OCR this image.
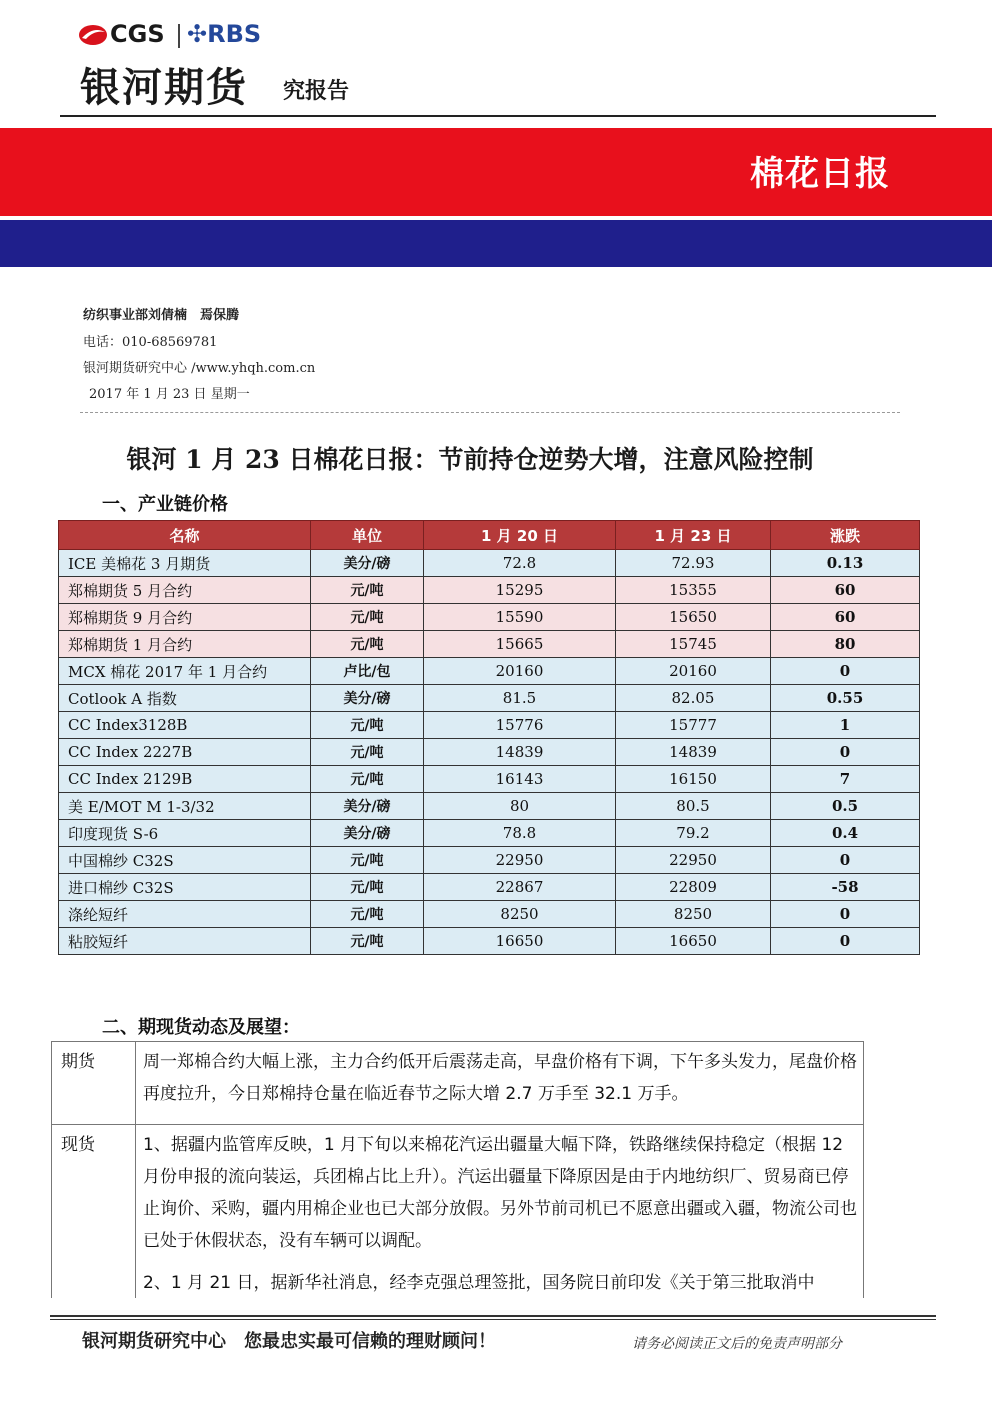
CGS ✣RBS
银河期货 究报告
棉花日报
纺织事业部刘倩楠　焉保腾
电话：010-68569781
银河期货研究中心 /www.yhqh.com.cn
2017 年 1 月 23 日 星期一
银河 1 月 23 日棉花日报：节前持仓逆势大增，注意风险控制
一、产业链价格
名称	单位	1 月 20 日	1 月 23 日	涨跌
ICE 美棉花 3 月期货	美分/磅	72.8	72.93	0.13
郑棉期货 5 月合约	元/吨	15295	15355	60
郑棉期货 9 月合约	元/吨	15590	15650	60
郑棉期货 1 月合约	元/吨	15665	15745	80
MCX 棉花 2017 年 1 月合约	卢比/包	20160	20160	0
Cotlook A 指数	美分/磅	81.5	82.05	0.55
CC Index3128B	元/吨	15776	15777	1
CC Index 2227B	元/吨	14839	14839	0
CC Index 2129B	元/吨	16143	16150	7
美 E/MOT M 1-3/32	美分/磅	80	80.5	0.5
印度现货 S-6	美分/磅	78.8	79.2	0.4
中国棉纱 C32S	元/吨	22950	22950	0
进口棉纱 C32S	元/吨	22867	22809	-58
涤纶短纤	元/吨	8250	8250	0
粘胶短纤	元/吨	16650	16650	0
二、期现货动态及展望：
期货	周一郑棉合约大幅上涨，主力合约低开后震荡走高，早盘价格有下调，下午多头发力，尾盘价格再度拉升，今日郑棉持仓量在临近春节之际大增 2.7 万手至 32.1 万手。

现货	1、据疆内监管库反映，1 月下旬以来棉花汽运出疆量大幅下降，铁路继续保持稳定（根据 12 月份申报的流向装运，兵团棉占比上升）。汽运出疆量下降原因是由于内地纺织厂、贸易商已停止询价、采购，疆内用棉企业也已大部分放假。另外节前司机已不愿意出疆或入疆，物流公司也已处于休假状态，没有车辆可以调配。

2、1 月 21 日，据新华社消息，经李克强总理签批，国务院日前印发《关于第三批取消中

银河期货研究中心　您最忠实最可信赖的理财顾问！	请务必阅读正文后的免责声明部分
